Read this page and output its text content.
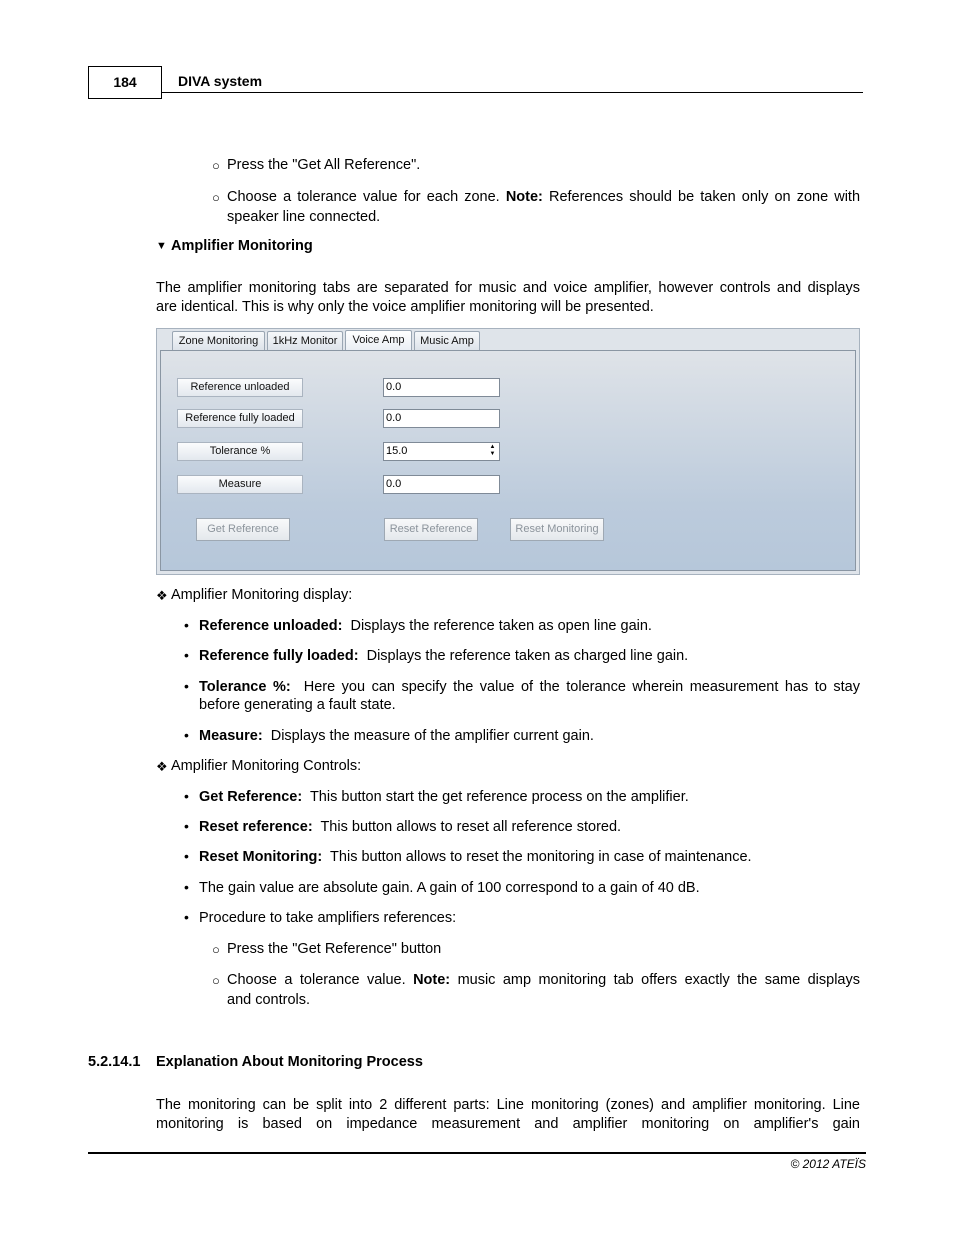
184	DIVA system
○ Press the "Get All Reference".
○ Choose a tolerance value for each zone. Note: References should be taken only on zone with
speaker line connected.
▼ Amplifier Monitoring
The amplifier monitoring tabs are separated for music and voice amplifier, however controls and displays
are identical. This is why only the voice amplifier monitoring will be presented.
Zone Monitoring	1kHz Monitor	Voice Amp	Music Amp
Reference unloaded	0.0
Reference fully loaded	0.0
Tolerance %	15.0	▲
▼
Measure	0.0
Get Reference	Reset Reference	Reset Monitoring
❖ Amplifier Monitoring display:
• Reference unloaded: Displays the reference taken as open line gain.
• Reference fully loaded: Displays the reference taken as charged line gain.
• Tolerance %: Here you can specify the value of the tolerance wherein measurement has to stay
before generating a fault state.
• Measure: Displays the measure of the amplifier current gain.
❖ Amplifier Monitoring Controls:
• Get Reference: This button start the get reference process on the amplifier.
• Reset reference: This button allows to reset all reference stored.
• Reset Monitoring: This button allows to reset the monitoring in case of maintenance.
• The gain value are absolute gain. A gain of 100 correspond to a gain of 40 dB.
• Procedure to take amplifiers references:
○ Press the "Get Reference" button
○ Choose a tolerance value. Note: music amp monitoring tab offers exactly the same displays
and controls.
5.2.14.1 Explanation About Monitoring Process
The monitoring can be split into 2 different parts: Line monitoring (zones) and amplifier monitoring. Line
monitoring is based on impedance measurement and amplifier monitoring on amplifier's gain
© 2012 ATEÏS
